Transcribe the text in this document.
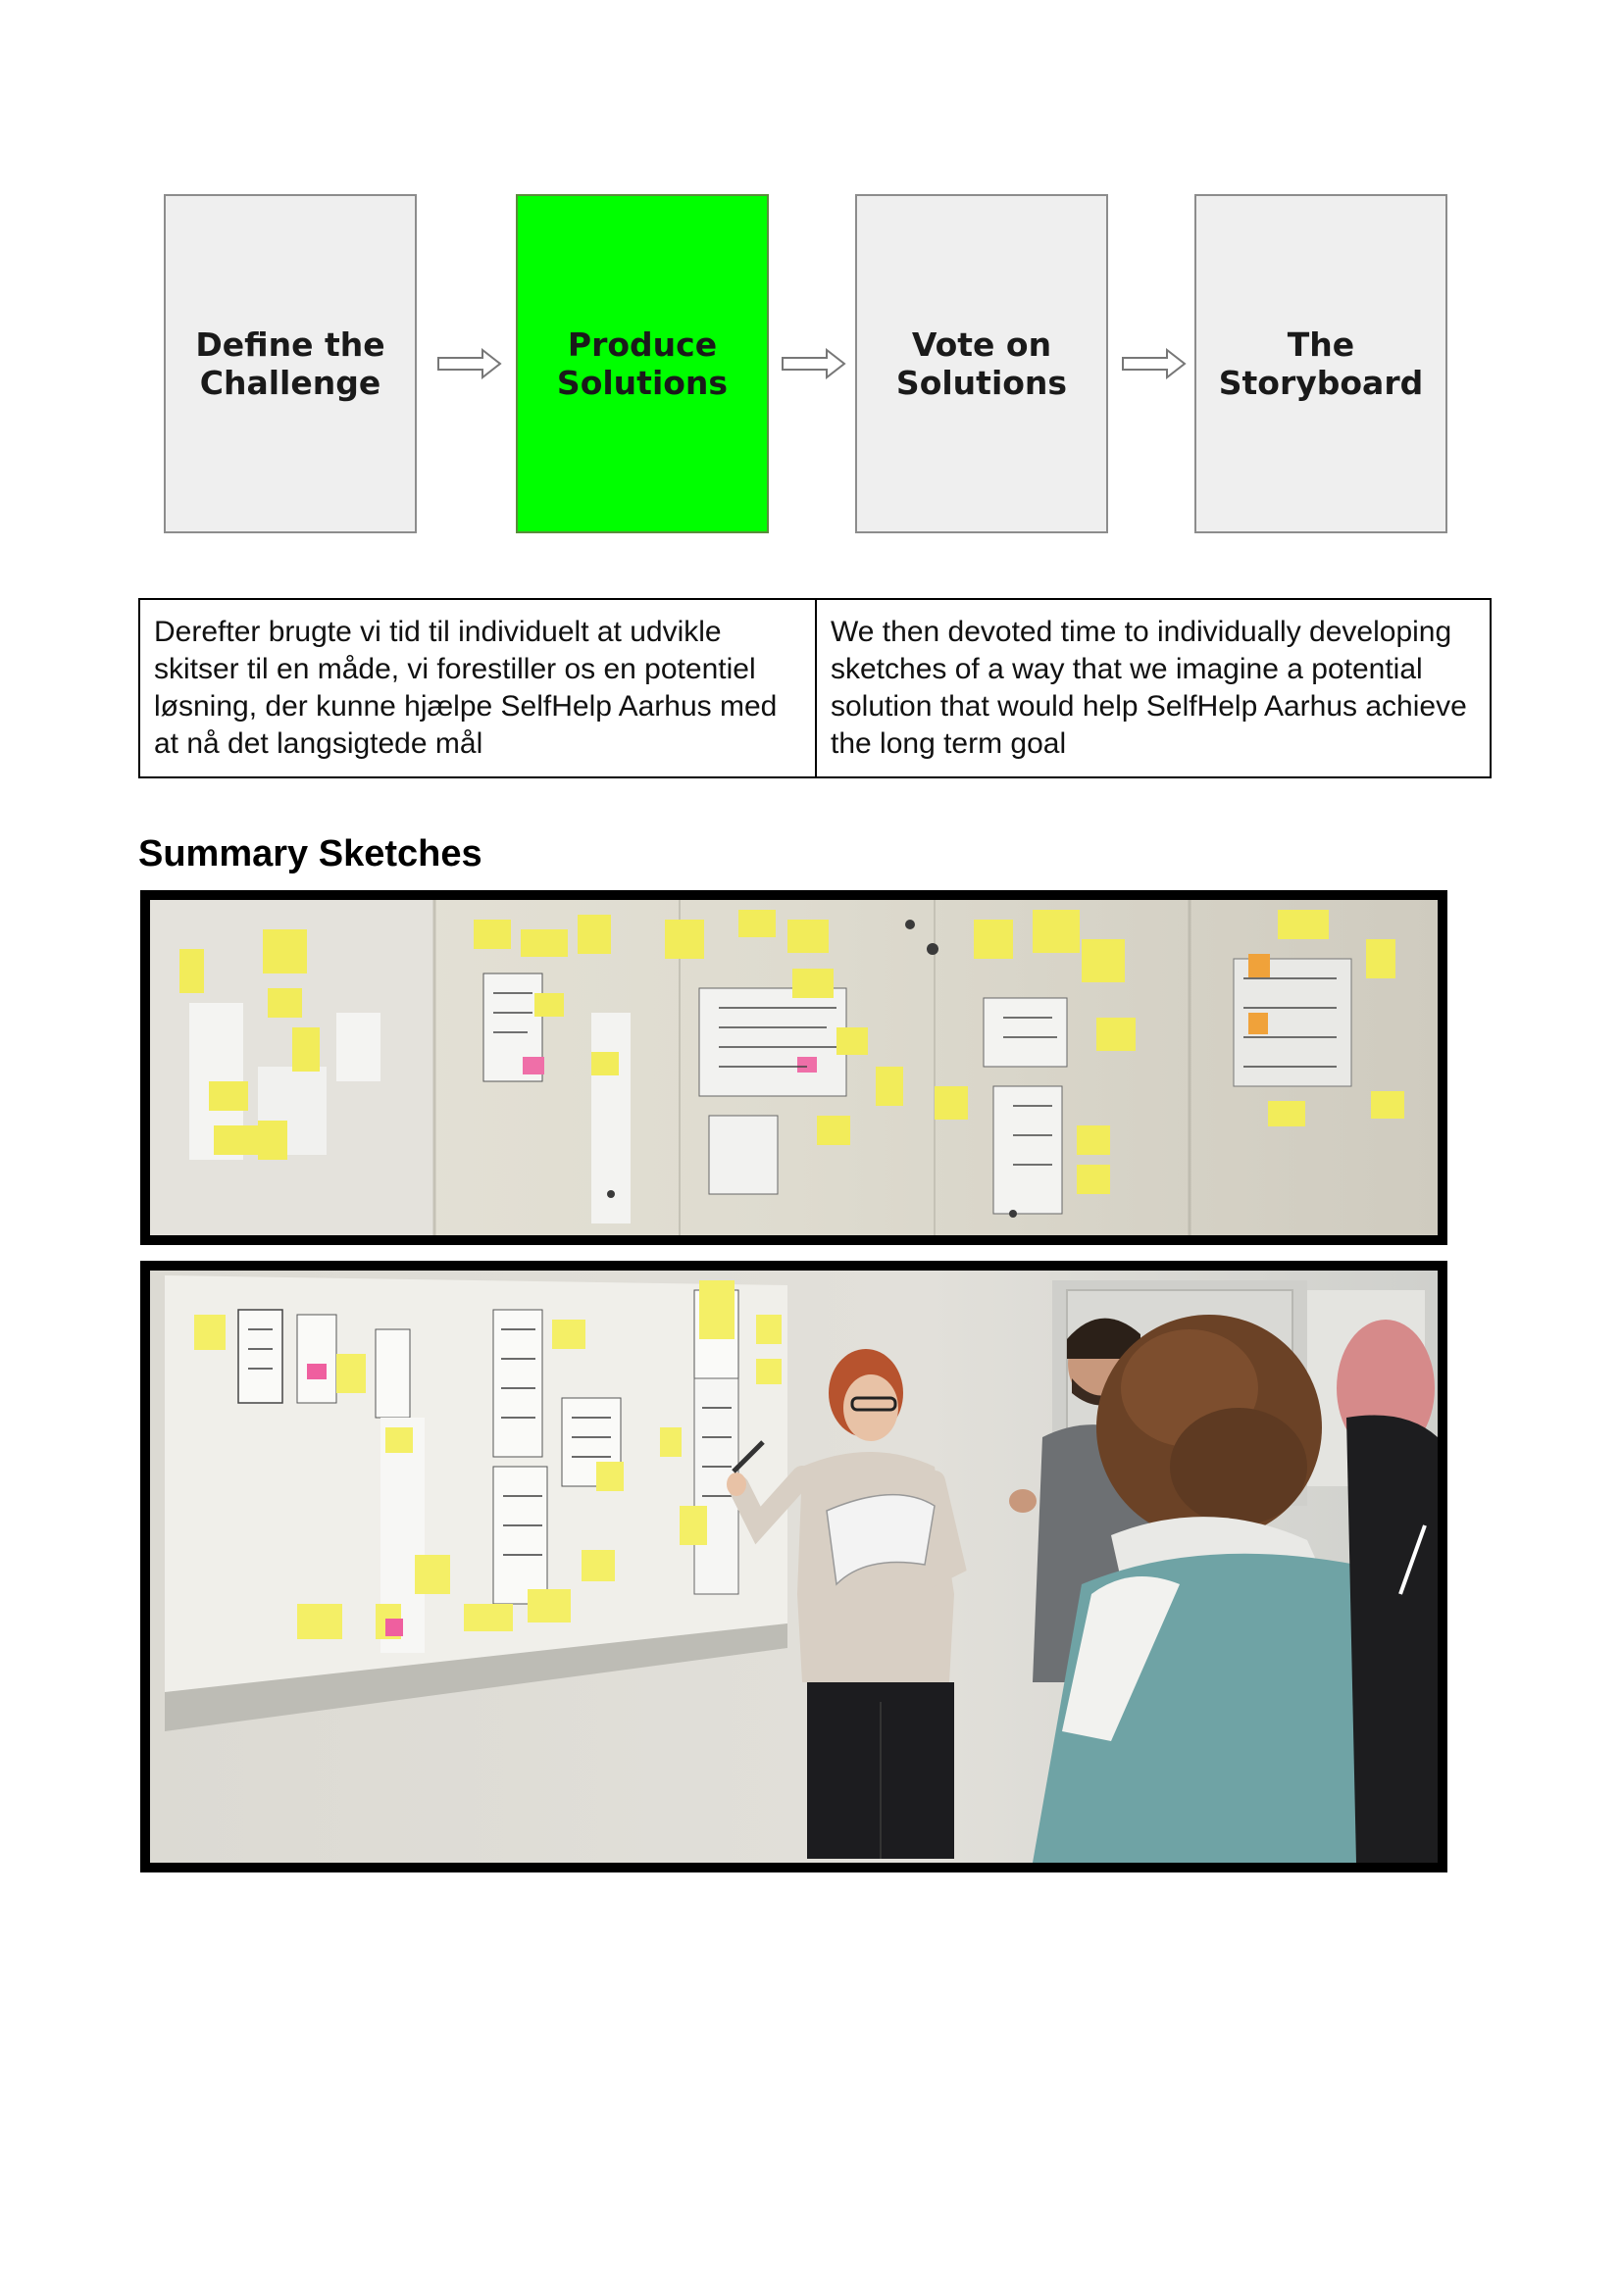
Define the
Challenge
Produce
Solutions
Vote on
Solutions
The
Storyboard
Derefter brugte vi tid til individuelt at udvikle skitser til en måde, vi forestiller os en potentiel løsning, der kunne hjælpe SelfHelp Aarhus med at nå det langsigtede mål
We then devoted time to individually developing sketches of a way that we imagine a potential solution that would help SelfHelp Aarhus achieve the long term goal
Summary Sketches
